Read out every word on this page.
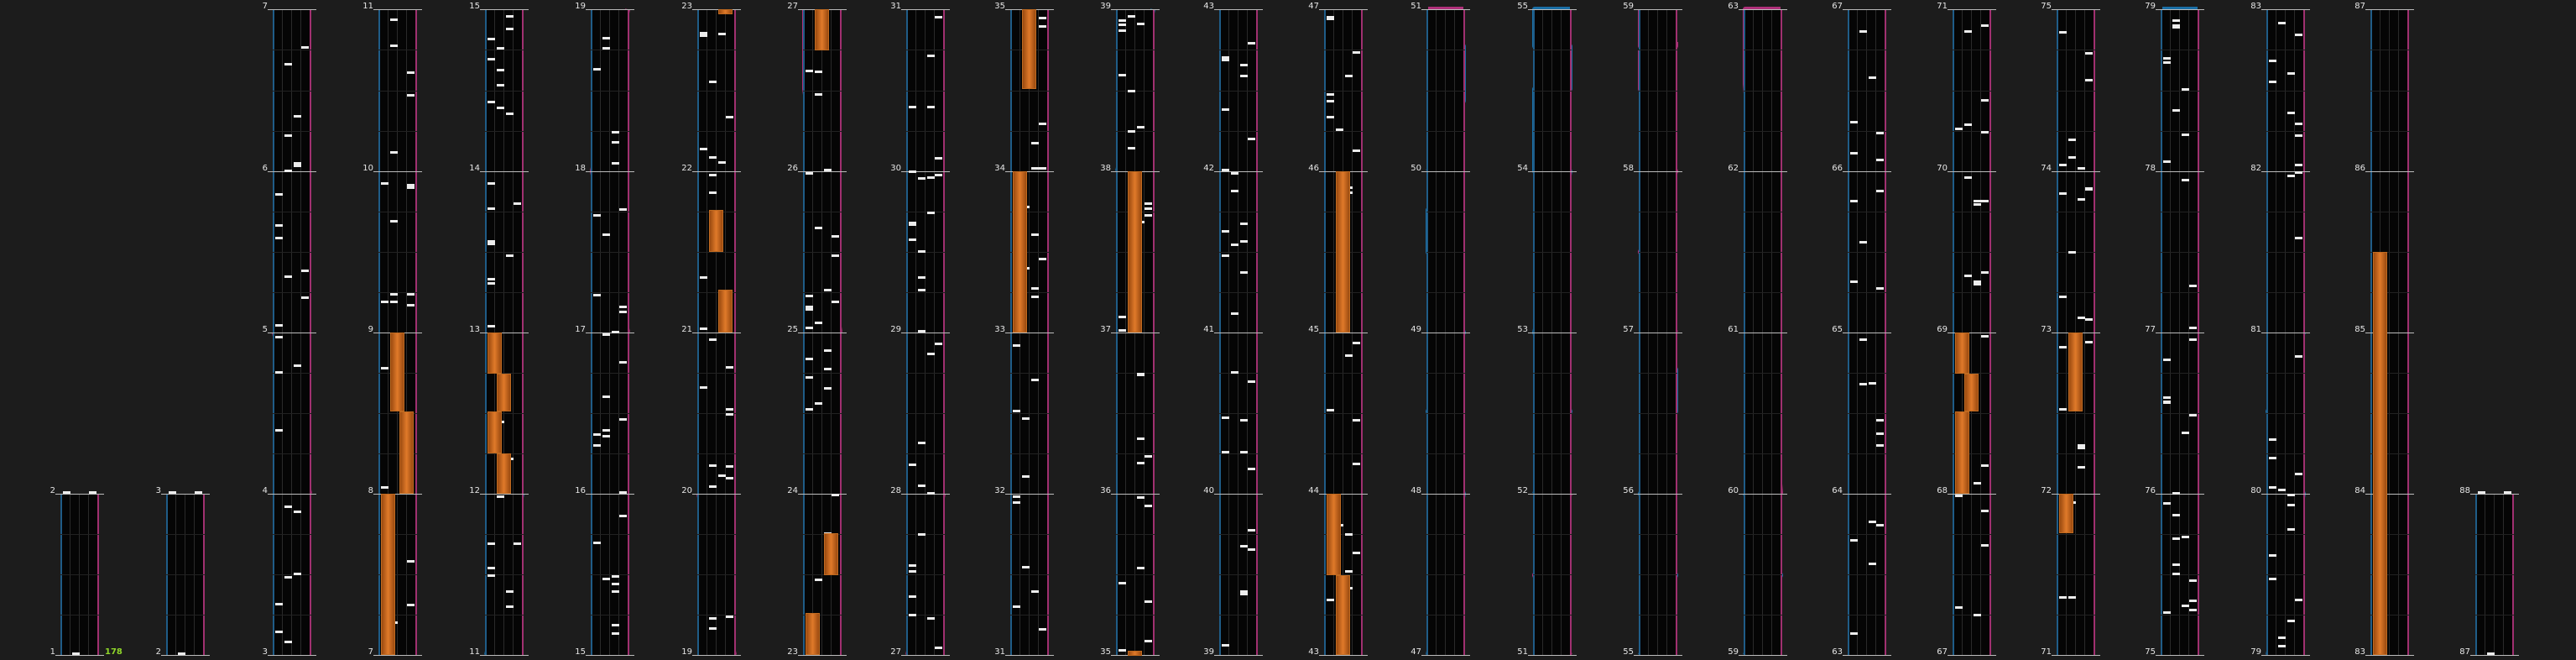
178
2
1
3
2
7
6
5
4
3
11
10
9
8
7
15
14
13
12
11
19
18
17
16
15
23
22
21
20
19
27
26
25
24
23
31
30
29
28
27
35
34
33
32
31
39
38
37
36
35
43
42
41
40
39
47
46
45
44
43
51
50
49
48
47
55
54
53
52
51
59
58
57
56
55
63
62
61
60
59
67
66
65
64
63
71
70
69
68
67
75
74
73
72
71
79
78
77
76
75
83
82
81
80
79
87
86
85
84
83
88
87
